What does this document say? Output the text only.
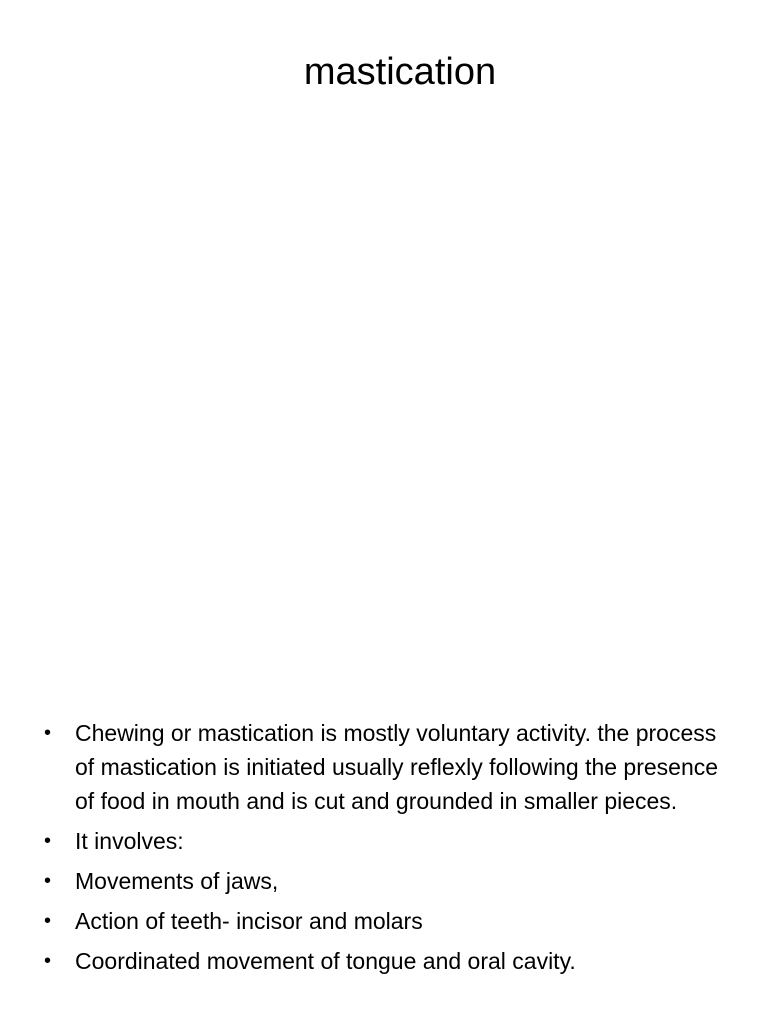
mastication
• Chewing or mastication is mostly voluntary activity. the process of mastication is initiated usually reflexly following the presence of food in mouth and is cut and grounded in smaller pieces.
• It involves:
• Movements of jaws,
• Action of teeth- incisor and molars
• Coordinated movement of tongue and oral cavity.
